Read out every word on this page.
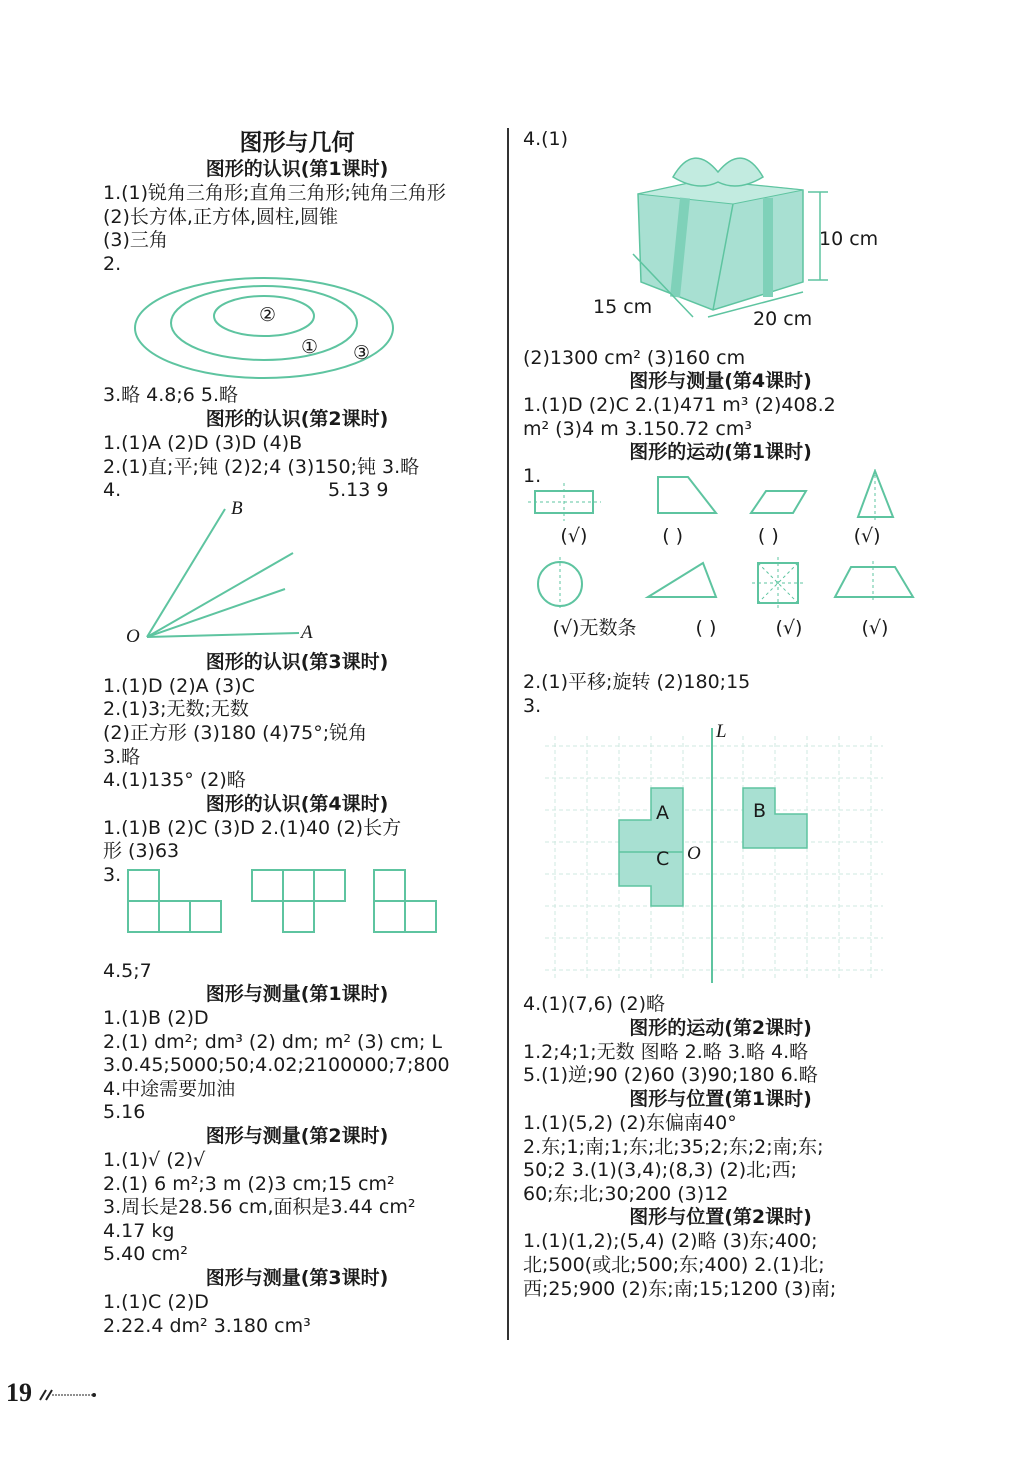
图形与几何
图形的认识(第1课时)
1.(1)锐角三角形;直角三角形;钝角三角形
(2)长方体,正方体,圆柱,圆锥
(3)三角
2.
②
① ③
3.略 4.8;6 5.略
图形的认识(第2课时)
1.(1)A (2)D (3)D (4)B
2.(1)直;平;钝 (2)2;4 (3)150;钝 3.略
4.	5.13 9
B
O	A
图形的认识(第3课时)
1.(1)D (2)A (3)C
2.(1)3;无数;无数
(2)正方形 (3)180 (4)75°;锐角
3.略
4.(1)135° (2)略
图形的认识(第4课时)
1.(1)B (2)C (3)D 2.(1)40 (2)长方
形 (3)63
3.
4.5;7
图形与测量(第1课时)
1.(1)B (2)D
2.(1) dm²; dm³ (2) dm; m² (3) cm; L
3.0.45;5000;50;4.02;2100000;7;800
4.中途需要加油
5.16
图形与测量(第2课时)
1.(1)√ (2)√
2.(1) 6 m²;3 m (2)3 cm;15 cm²
3.周长是28.56 cm,面积是3.44 cm²
4.17 kg
5.40 cm²
图形与测量(第3课时)
1.(1)C (2)D
2.22.4 dm² 3.180 cm³
4.(1)
10 cm
15 cm
20 cm
(2)1300 cm² (3)160 cm
图形与测量(第4课时)
1.(1)D (2)C 2.(1)471 m³ (2)408.2
m² (3)4 m 3.150.72 cm³
图形的运动(第1课时)
1.
(√)	( )	( )	(√)
(√)无数条	( )	(√)	(√)
2.(1)平移;旋转 (2)180;15
3.
L
A	B
C O
4.(1)(7,6) (2)略
图形的运动(第2课时)
1.2;4;1;无数 图略 2.略 3.略 4.略
5.(1)逆;90 (2)60 (3)90;180 6.略
图形与位置(第1课时)
1.(1)(5,2) (2)东偏南40°
2.东;1;南;1;东;北;35;2;东;2;南;东;
50;2 3.(1)(3,4);(8,3) (2)北;西;
60;东;北;30;200 (3)12
图形与位置(第2课时)
1.(1)(1,2);(5,4) (2)略 (3)东;400;
北;500(或北;500;东;400) 2.(1)北;
西;25;900 (2)东;南;15;1200 (3)南;
19
